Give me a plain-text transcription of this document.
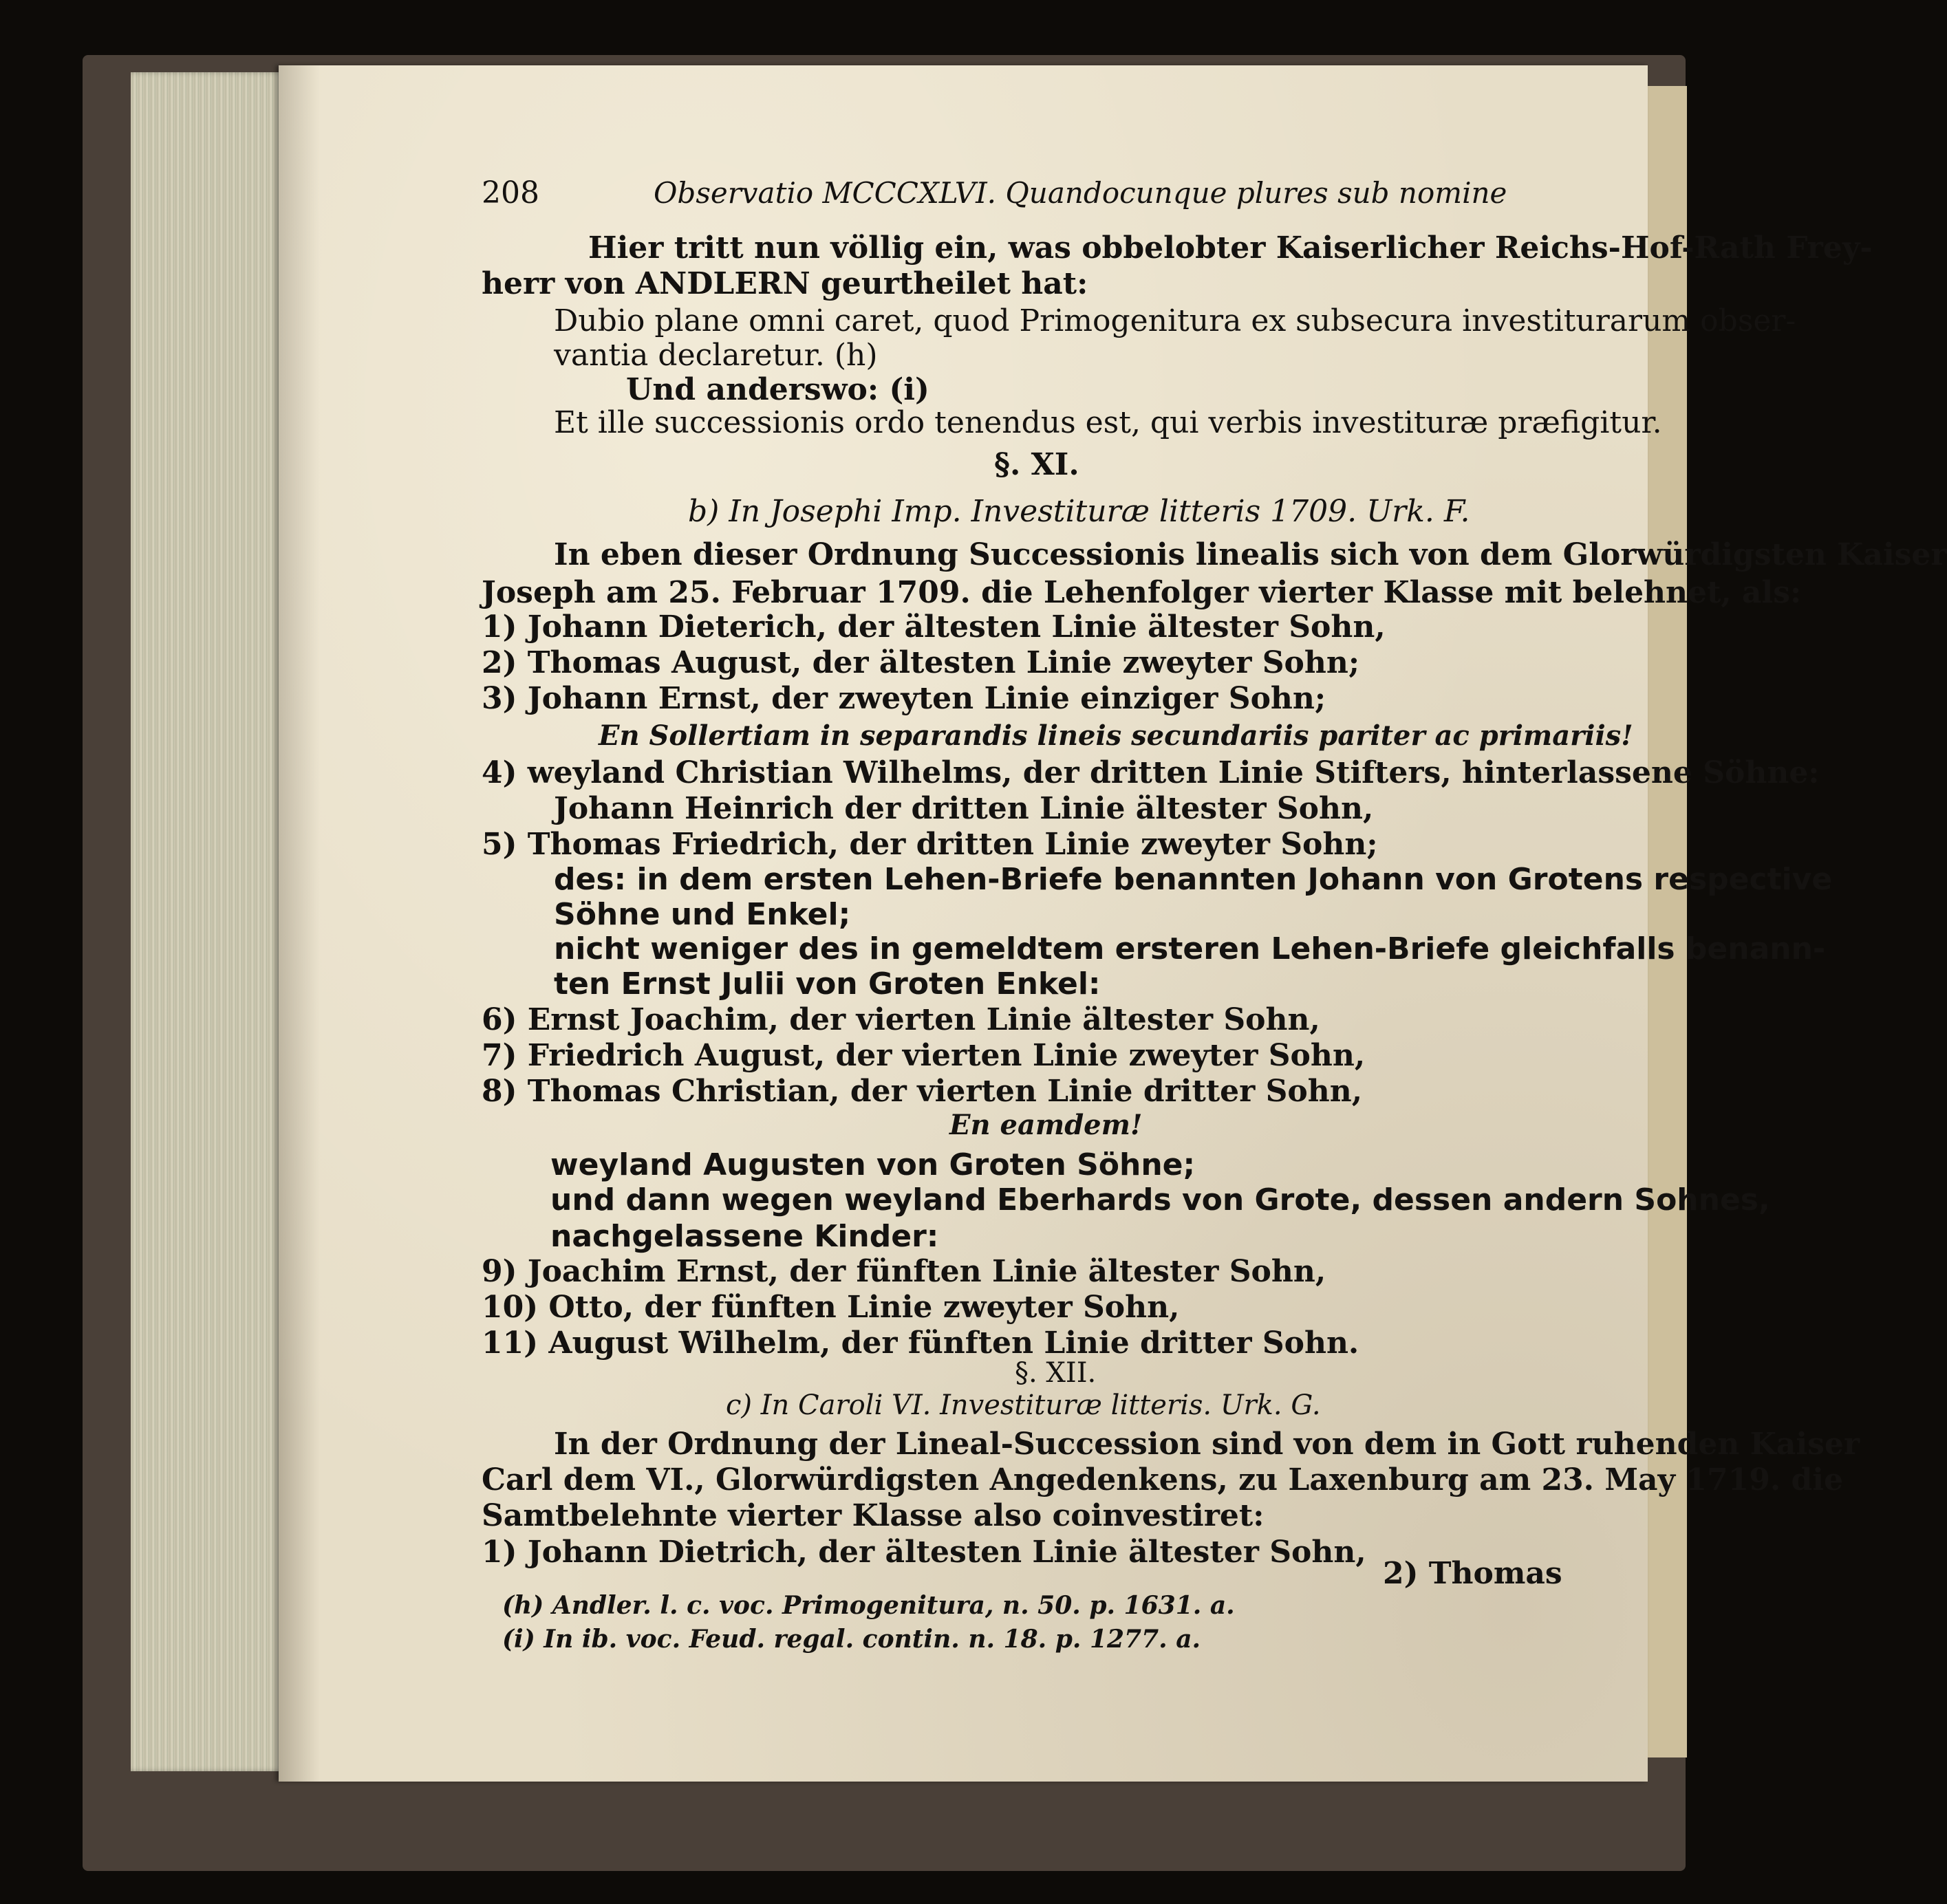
208	Observatio MCCCXLVI. Quandocunque plures sub nomine
Hier tritt nun völlig ein, was obbelobter Kaiserlicher Reichs-Hof-Rath Frey-
herr von ANDLERN geurtheilet hat:
Dubio plane omni caret, quod Primogenitura ex subsecura investiturarum obser-
vantia declaretur. (h)
Und anderswo: (i)
Et ille successionis ordo tenendus est, qui verbis investituræ præfigitur.
§. XI.
b) In Josephi Imp. Investituræ litteris 1709. Urk. F.
In eben dieser Ordnung Successionis linealis sich von dem Glorwürdigsten Kaiser
Joseph am 25. Februar 1709. die Lehenfolger vierter Klasse mit belehnet, als:
1) Johann Dieterich, der ältesten Linie ältester Sohn,
2) Thomas August, der ältesten Linie zweyter Sohn;
3) Johann Ernst, der zweyten Linie einziger Sohn;
En Sollertiam in separandis lineis secundariis pariter ac primariis!
4) weyland Christian Wilhelms, der dritten Linie Stifters, hinterlassene Söhne:
Johann Heinrich der dritten Linie ältester Sohn,
5) Thomas Friedrich, der dritten Linie zweyter Sohn;
des: in dem ersten Lehen-Briefe benannten Johann von Grotens respective
Söhne und Enkel;
nicht weniger des in gemeldtem ersteren Lehen-Briefe gleichfalls benann-
ten Ernst Julii von Groten Enkel:
6) Ernst Joachim, der vierten Linie ältester Sohn,
7) Friedrich August, der vierten Linie zweyter Sohn,
8) Thomas Christian, der vierten Linie dritter Sohn,
En eamdem!
weyland Augusten von Groten Söhne;
und dann wegen weyland Eberhards von Grote, dessen andern Sohnes,
nachgelassene Kinder:
9) Joachim Ernst, der fünften Linie ältester Sohn,
10) Otto, der fünften Linie zweyter Sohn,
11) August Wilhelm, der fünften Linie dritter Sohn.
§. XII.
c) In Caroli VI. Investituræ litteris. Urk. G.
In der Ordnung der Lineal-Succession sind von dem in Gott ruhenden Kaiser
Carl dem VI., Glorwürdigsten Angedenkens, zu Laxenburg am 23. May 1719. die
Samtbelehnte vierter Klasse also coinvestiret:
1) Johann Dietrich, der ältesten Linie ältester Sohn,
2) Thomas
(h) Andler. l. c. voc. Primogenitura, n. 50. p. 1631. a.
(i) In ib. voc. Feud. regal. contin. n. 18. p. 1277. a.
